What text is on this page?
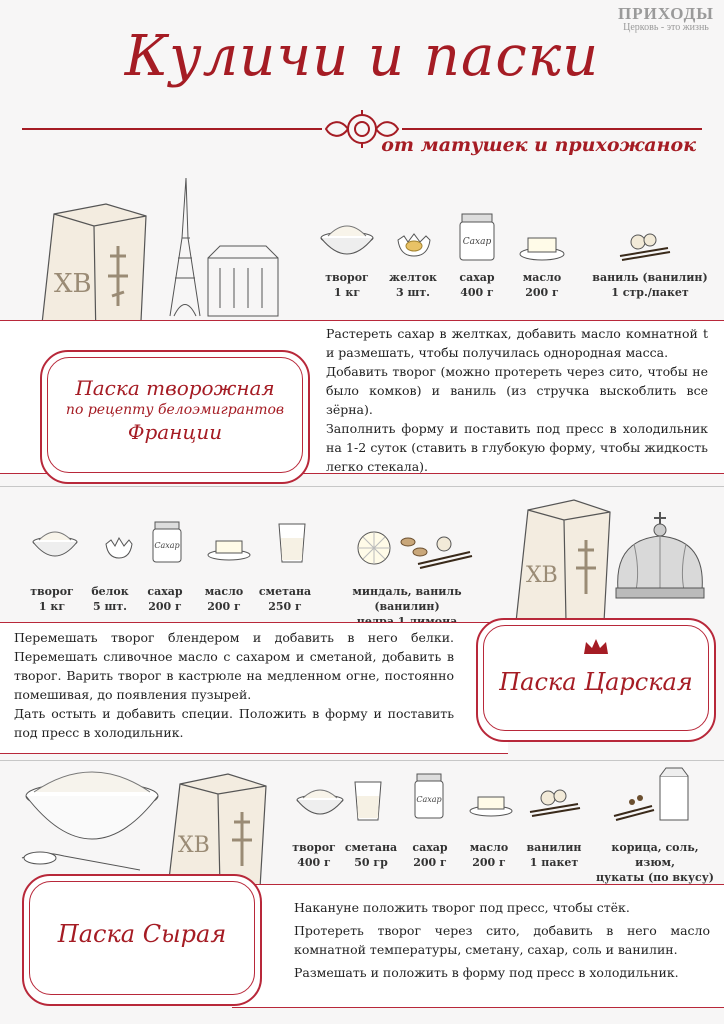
ПРИХОДЫ
Церковь - это жизнь
Куличи и паски
от матушек и прихожанок
ХВ
Сахар
творог
1 кг
желток
3 шт.
сахар
400 г
масло
200 г
ваниль (ванилин)
1 стр./пакет
Растереть сахар в желтках, добавить масло комнатной t и размешать, чтобы получилась однородная масса.
Добавить творог (можно протереть через сито, чтобы не было комков) и ваниль (из стручка выскоблить все зёрна).
Заполнить форму и поставить под пресс в холодильник на 1-2 суток (ставить в глубокую форму, чтобы жидкость легко стекала).
Паска творожная
по рецепту белоэмигрантов
Франции
Сахар
творог
1 кг
белок
5 шт.
сахар
200 г
масло
200 г
сметана
250 г
миндаль, ваниль (ванилин)
ХВ
Перемешать творог блендером и добавить в него белки. Перемешать сливочное масло с сахаром и сметаной, добавить в творог. Варить творог в кастрюле на медленном огне, постоянно помешивая, до появления пузырей.
Дать остыть и добавить специи. Положить в форму и поставить под пресс в холодильник.
Паска Царская
ХВ
Сахар
творог
400 г
сметана
50 гр
сахар
200 г
масло
200 г
ванилин
1 пакет
корица, соль, изюм,
цукаты (по вкусу)
Накануне положить творог под пресс, чтобы стёк.
Протереть творог через сито, добавить в него масло комнатной температуры, сметану, сахар, соль и ванилин.
Размешать и положить в форму под пресс в холодильник.
Паска Сырая
